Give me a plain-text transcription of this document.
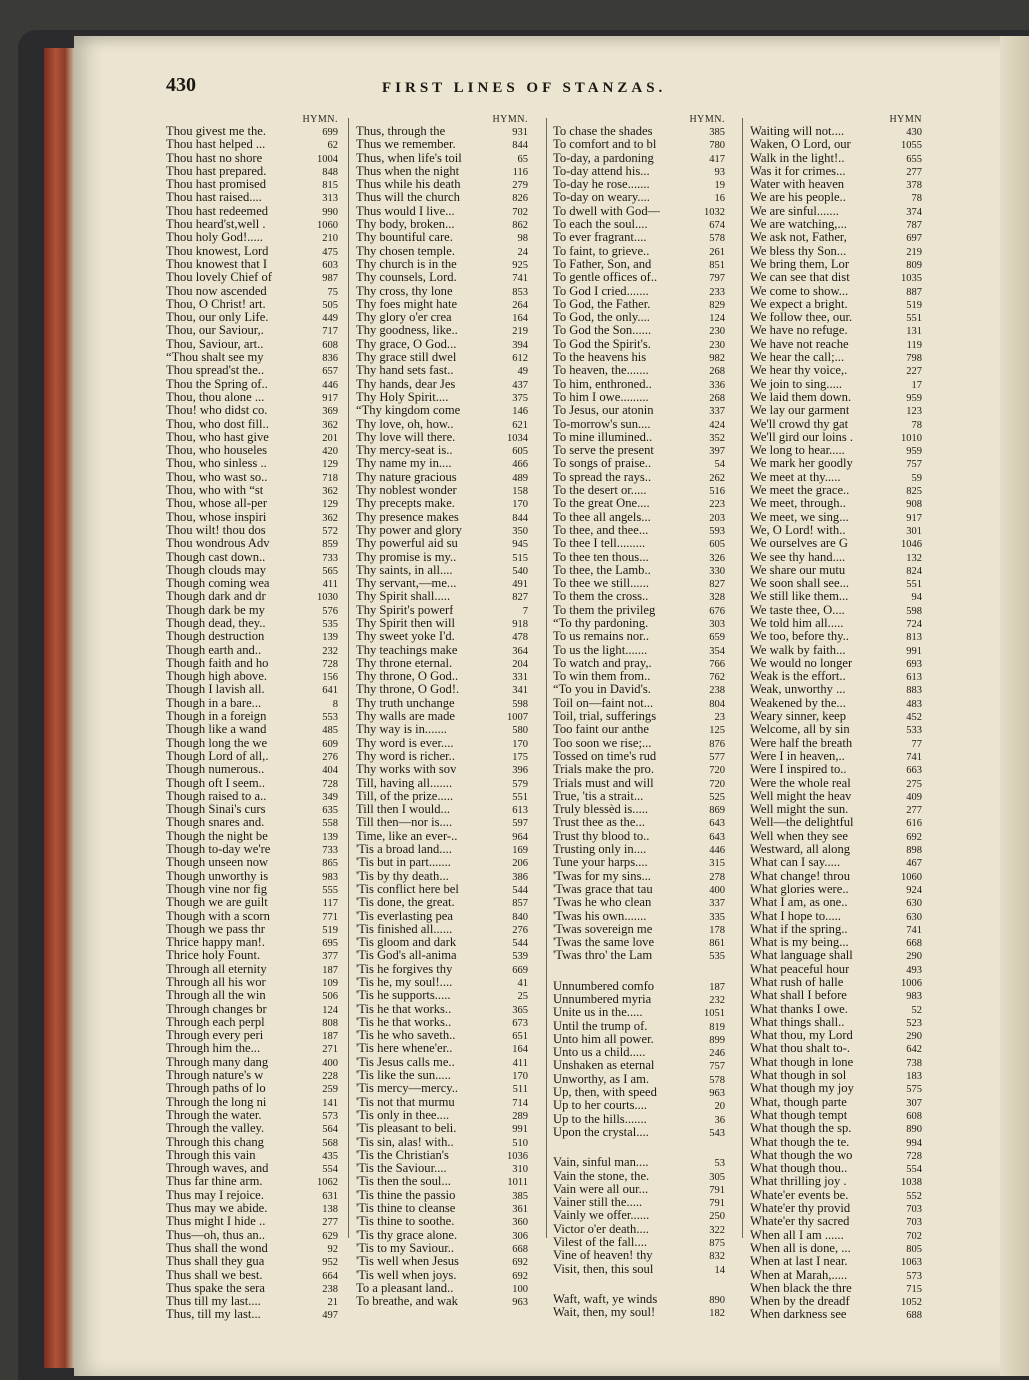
430	FIRST LINES OF STANZAS.
HYMN.
Thou givest me the.	699
Thou hast helped ...	62
Thou hast no shore	1004
Thou hast prepared.	848
Thou hast promised	815
Thou hast raised....	313
Thou hast redeemed	990
Thou heard'st,well .	1060
Thou holy God!.....	210
Thou knowest, Lord	475
Thou knowest that I	603
Thou lovely Chief of	987
Thou now ascended	75
Thou, O Christ! art.	505
Thou, our only Life.	449
Thou, our Saviour,.	717
Thou, Saviour, art..	608
“Thou shalt see my	836
Thou spread'st the..	657
Thou the Spring of..	446
Thou, thou alone ...	917
Thou! who didst co.	369
Thou, who dost fill..	362
Thou, who hast give	201
Thou, who houseles	420
Thou, who sinless ..	129
Thou, who wast so..	718
Thou, who with “st	362
Thou, whose all-per	129
Thou, whose inspiri	362
Thou wilt! thou dos	572
Thou wondrous Adv	859
Though cast down..	733
Though clouds may	565
Though coming wea	411
Though dark and dr	1030
Though dark be my	576
Though dead, they..	535
Though destruction	139
Though earth and..	232
Though faith and ho	728
Though high above.	156
Though I lavish all.	641
Though in a bare...	8
Though in a foreign	553
Though like a wand	485
Though long the we	609
Though Lord of all,.	276
Though numerous..	404
Though oft I seem..	728
Though raised to a..	349
Though Sinai's curs	635
Though snares and.	558
Though the night be	139
Though to-day we're	733
Though unseen now	865
Though unworthy is	983
Though vine nor fig	555
Though we are guilt	117
Though with a scorn	771
Though we pass thr	519
Thrice happy man!.	695
Thrice holy Fount.	377
Through all eternity	187
Through all his wor	109
Through all the win	506
Through changes br	124
Through each perpl	808
Through every peri	187
Through him the...	271
Through many dang	400
Through nature's w	228
Through paths of lo	259
Through the long ni	141
Through the water.	573
Through the valley.	564
Through this chang	568
Through this vain	435
Through waves, and	554
Thus far thine arm.	1062
Thus may I rejoice.	631
Thus may we abide.	138
Thus might I hide ..	277
Thus—oh, thus an..	629
Thus shall the wond	92
Thus shall they gua	952
Thus shall we best.	664
Thus spake the sera	238
Thus till my last....	21
Thus, till my last...	497
HYMN.
Thus, through the	931
Thus we remember.	844
Thus, when life's toil	65
Thus when the night	116
Thus while his death	279
Thus will the church	826
Thus would I live...	702
Thy body, broken...	862
Thy bountiful care.	98
Thy chosen temple.	24
Thy church is in the	925
Thy counsels, Lord.	741
Thy cross, thy lone	853
Thy foes might hate	264
Thy glory o'er crea	164
Thy goodness, like..	219
Thy grace, O God...	394
Thy grace still dwel	612
Thy hand sets fast..	49
Thy hands, dear Jes	437
Thy Holy Spirit....	375
“Thy kingdom come	146
Thy love, oh, how..	621
Thy love will there.	1034
Thy mercy-seat is..	605
Thy name my in....	466
Thy nature gracious	489
Thy noblest wonder	158
Thy precepts make.	170
Thy presence makes	844
Thy power and glory	350
Thy powerful aid su	945
Thy promise is my..	515
Thy saints, in all....	540
Thy servant,—me...	491
Thy Spirit shall.....	827
Thy Spirit's powerf	7
Thy Spirit then will	918
Thy sweet yoke I'd.	478
Thy teachings make	364
Thy throne eternal.	204
Thy throne, O God..	331
Thy throne, O God!.	341
Thy truth unchange	598
Thy walls are made	1007
Thy way is in.......	580
Thy word is ever....	170
Thy word is richer..	175
Thy works with sov	396
Till, having all.......	579
Till, of the prize.....	551
Till then I would...	613
Till then—nor is....	597
Time, like an ever-..	964
'Tis a broad land....	169
'Tis but in part.......	206
'Tis by thy death...	386
'Tis conflict here bel	544
'Tis done, the great.	857
'Tis everlasting pea	840
'Tis finished all......	276
'Tis gloom and dark	544
'Tis God's all-anima	539
'Tis he forgives thy	669
'Tis he, my soul!....	41
'Tis he supports.....	25
'Tis he that works..	365
'Tis he that works..	673
'Tis he who saveth..	651
'Tis here whene'er..	164
'Tis Jesus calls me..	411
'Tis like the sun.....	170
'Tis mercy—mercy..	511
'Tis not that murmu	714
'Tis only in thee....	289
'Tis pleasant to beli.	991
'Tis sin, alas! with..	510
'Tis the Christian's	1036
'Tis the Saviour....	310
'Tis then the soul...	1011
'Tis thine the passio	385
'Tis thine to cleanse	361
'Tis thine to soothe.	360
'Tis thy grace alone.	306
'Tis to my Saviour..	668
'Tis well when Jesus	692
'Tis well when joys.	692
To a pleasant land..	100
To breathe, and wak	963
HYMN.
To chase the shades	385
To comfort and to bl	780
To-day, a pardoning	417
To-day attend his...	93
To-day he rose.......	19
To-day on weary....	16
To dwell with God—	1032
To each the soul....	674
To ever fragrant....	578
To faint, to grieve..	261
To Father, Son, and	851
To gentle offices of..	797
To God I cried.......	233
To God, the Father.	829
To God, the only....	124
To God the Son......	230
To God the Spirit's.	230
To the heavens his	982
To heaven, the.......	268
To him, enthroned..	336
To him I owe.........	268
To Jesus, our atonin	337
To-morrow's sun....	424
To mine illumined..	352
To serve the present	397
To songs of praise..	54
To spread the rays..	262
To the desert or.....	516
To the great One....	223
To thee all angels...	203
To thee, and thee...	593
To thee I tell.........	605
To thee ten thous...	326
To thee, the Lamb..	330
To thee we still......	827
To them the cross..	328
To them the privileg	676
“To thy pardoning.	303
To us remains nor..	659
To us the light.......	354
To watch and pray,.	766
To win them from..	762
“To you in David's.	238
Toil on—faint not...	804
Toil, trial, sufferings	23
Too faint our anthe	125
Too soon we rise;...	876
Tossed on time's rud	577
Trials make the pro.	720
Trials must and will	720
True, 'tis a strait...	525
Truly blessèd is.....	869
Trust thee as the...	643
Trust thy blood to..	643
Trusting only in....	446
Tune your harps....	315
'Twas for my sins...	278
'Twas grace that tau	400
'Twas he who clean	337
'Twas his own.......	335
'Twas sovereign me	178
'Twas the same love	861
'Twas thro' the Lam	535
Unnumbered comfo	187
Unnumbered myria	232
Unite us in the.....	1051
Until the trump of.	819
Unto him all power.	899
Unto us a child.....	246
Unshaken as eternal	757
Unworthy, as I am.	578
Up, then, with speed	963
Up to her courts....	20
Up to the hills.......	36
Upon the crystal....	543
Vain, sinful man....	53
Vain the stone, the.	305
Vain were all our...	791
Vainer still the.....	791
Vainly we offer......	250
Victor o'er death....	322
Vilest of the fall....	875
Vine of heaven! thy	832
Visit, then, this soul	14
Waft, waft, ye winds	890
Wait, then, my soul!	182
HYMN
Waiting will not....	430
Waken, O Lord, our	1055
Walk in the light!..	655
Was it for crimes...	277
Water with heaven	378
We are his people..	78
We are sinful.......	374
We are watching,...	787
We ask not, Father,	697
We bless thy Son...	219
We bring them, Lor	809
We can see that dist	1035
We come to show...	887
We expect a bright.	519
We follow thee, our.	551
We have no refuge.	131
We have not reache	119
We hear the call;...	798
We hear thy voice,.	227
We join to sing.....	17
We laid them down.	959
We lay our garment	123
We'll crowd thy gat	78
We'll gird our loins .	1010
We long to hear.....	959
We mark her goodly	757
We meet at thy.....	59
We meet the grace..	825
We meet, through..	908
We meet, we sing...	917
We, O Lord! with..	301
We ourselves are G	1046
We see thy hand....	132
We share our mutu	824
We soon shall see...	551
We still like them...	94
We taste thee, O....	598
We told him all.....	724
We too, before thy..	813
We walk by faith...	991
We would no longer	693
Weak is the effort..	613
Weak, unworthy ...	883
Weakened by the...	483
Weary sinner, keep	452
Welcome, all by sin	533
Were half the breath	77
Were I in heaven,..	741
Were I inspired to..	663
Were the whole real	275
Well might the heav	409
Well might the sun.	277
Well—the delightful	616
Well when they see	692
Westward, all along	898
What can I say.....	467
What change! throu	1060
What glories were..	924
What I am, as one..	630
What I hope to.....	630
What if the spring..	741
What is my being...	668
What language shall	290
What peaceful hour	493
What rush of halle	1006
What shall I before	983
What thanks I owe.	52
What things shall..	523
What thou, my Lord	290
What thou shalt to-.	642
What though in lone	738
What though in sol	183
What though my joy	575
What, though parte	307
What though tempt	608
What though the sp.	890
What though the te.	994
What though the wo	728
What though thou..	554
What thrilling joy .	1038
Whate'er events be.	552
Whate'er thy provid	703
Whate'er thy sacred	703
When all I am ......	702
When all is done, ...	805
When at last I near.	1063
When at Marah,.....	573
When black the thre	715
When by the dreadf	1052
When darkness see	688
